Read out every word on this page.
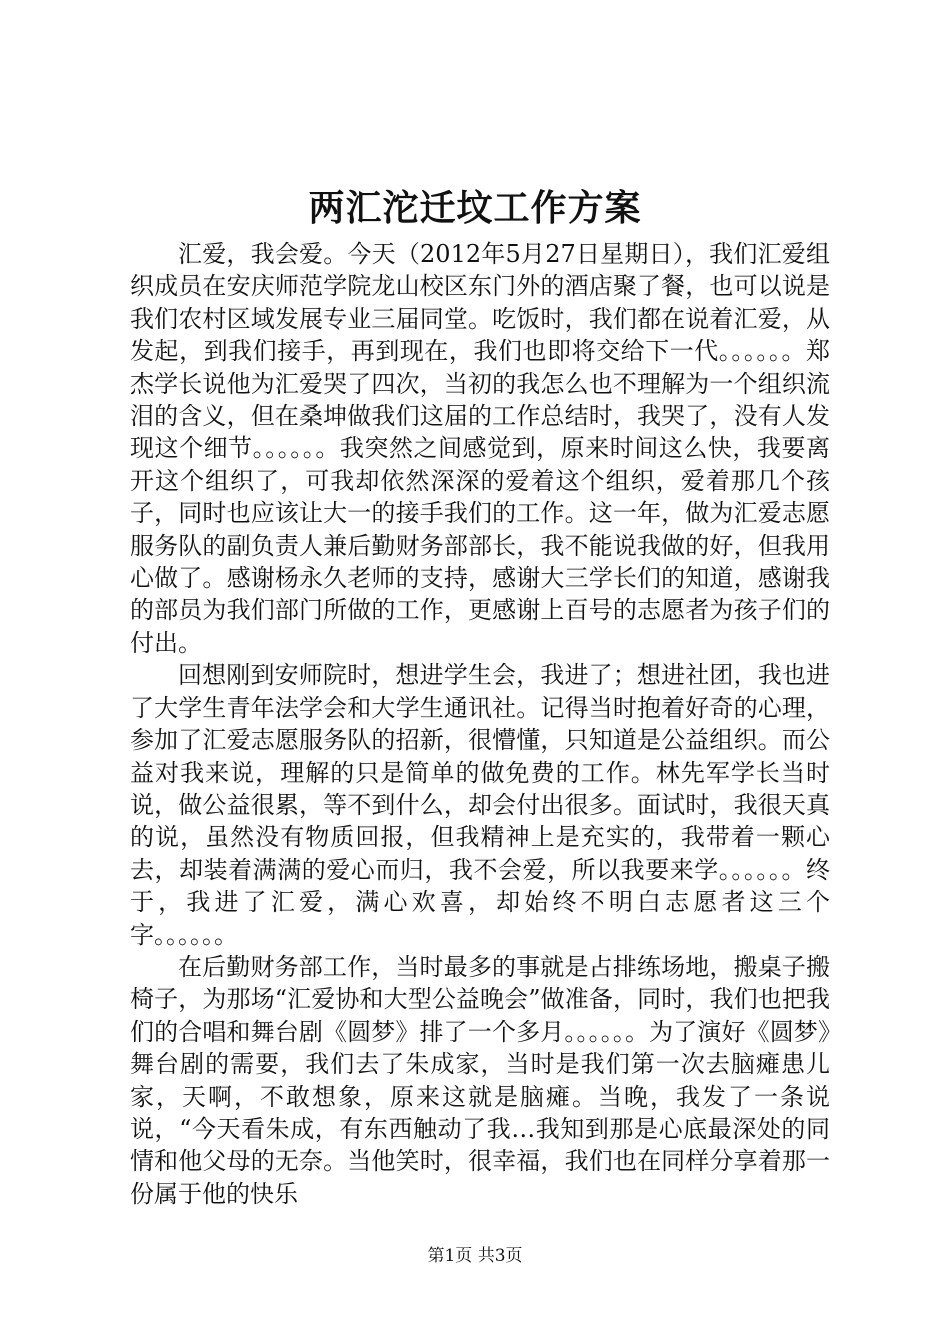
两汇沱迁坟工作方案

汇爱，我会爱。今天（2012年5月27日星期日），我们汇爱组织成员在安庆师范学院龙山校区东门外的酒店聚了餐，也可以说是我们农村区域发展专业三届同堂。吃饭时，我们都在说着汇爱，从发起，到我们接手，再到现在，我们也即将交给下一代。。。。。。郑杰学长说他为汇爱哭了四次，当初的我怎么也不理解为一个组织流泪的含义，但在桑坤做我们这届的工作总结时，我哭了，没有人发现这个细节。。。。。。我突然之间感觉到，原来时间这么快，我要离开这个组织了，可我却依然深深的爱着这个组织，爱着那几个孩子，同时也应该让大一的接手我们的工作。这一年，做为汇爱志愿服务队的副负责人兼后勤财务部部长，我不能说我做的好，但我用心做了。感谢杨永久老师的支持，感谢大三学长们的知道，感谢我的部员为我们部门所做的工作，更感谢上百号的志愿者为孩子们的付出。

回想刚到安师院时，想进学生会，我进了；想进社团，我也进了大学生青年法学会和大学生通讯社。记得当时抱着好奇的心理，参加了汇爱志愿服务队的招新，很懵懂，只知道是公益组织。而公益对我来说，理解的只是简单的做免费的工作。林先军学长当时说，做公益很累，等不到什么，却会付出很多。面试时，我很天真的说，虽然没有物质回报，但我精神上是充实的，我带着一颗心去，却装着满满的爱心而归，我不会爱，所以我要来学。。。。。。终于，我进了汇爱，满心欢喜，却始终不明白志愿者这三个字。。。。。。

在后勤财务部工作，当时最多的事就是占排练场地，搬桌子搬椅子，为那场“汇爱协和大型公益晚会”做准备，同时，我们也把我们的合唱和舞台剧《圆梦》排了一个多月。。。。。。为了演好《圆梦》舞台剧的需要，我们去了朱成家，当时是我们第一次去脑瘫患儿家，天啊，不敢想象，原来这就是脑瘫。当晚，我发了一条说说，“今天看朱成，有东西触动了我…我知到那是心底最深处的同情和他父母的无奈。当他笑时，很幸福，我们也在同样分享着那一份属于他的快乐

第1页 共3页
